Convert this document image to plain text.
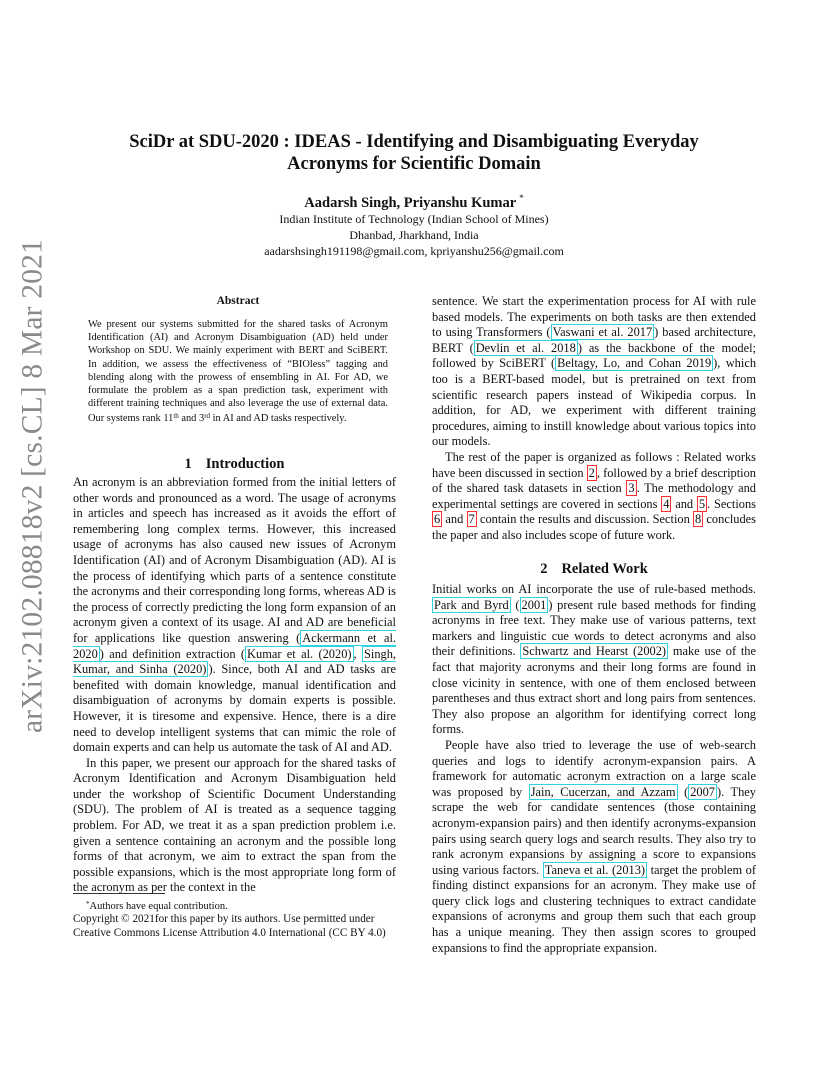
arXiv:2102.08818v2 [cs.CL] 8 Mar 2021
SciDr at SDU-2020 : IDEAS - Identifying and Disambiguating Everyday
Acronyms for Scientific Domain
Aadarsh Singh, Priyanshu Kumar *
Indian Institute of Technology (Indian School of Mines)
Dhanbad, Jharkhand, India
aadarshsingh191198@gmail.com, kpriyanshu256@gmail.com
Abstract
We present our systems submitted for the shared tasks of Acronym Identification (AI) and Acronym Disambiguation (AD) held under Workshop on SDU. We mainly experiment with BERT and SciBERT. In addition, we assess the effectiveness of “BIOless” tagging and blending along with the prowess of ensembling in AI. For AD, we formulate the problem as a span prediction task, experiment with different training techniques and also leverage the use of external data. Our systems rank 11th and 3rd in AI and AD tasks respectively.
1 Introduction

An acronym is an abbreviation formed from the initial letters of other words and pronounced as a word. The usage of acronyms in articles and speech has increased as it avoids the effort of remembering long complex terms. However, this increased usage of acronyms has also caused new issues of Acronym Identification (AI) and of Acronym Disambiguation (AD). AI is the process of identifying which parts of a sentence constitute the acronyms and their corresponding long forms, whereas AD is the process of correctly predicting the long form expansion of an acronym given a context of its usage. AI and AD are beneficial for applications like question answering ( Ackermann et al. 2020 ) and definition extraction ( Kumar et al. (2020) , Singh, Kumar, and Sinha (2020) ). Since, both AI and AD tasks are benefited with domain knowledge, manual identification and disambiguation of acronyms by domain experts is possible. However, it is tiresome and expensive. Hence, there is a dire need to develop intelligent systems that can mimic the role of domain experts and can help us automate the task of AI and AD.

In this paper, we present our approach for the shared tasks of Acronym Identification and Acronym Disambiguation held under the workshop of Scientific Document Understanding (SDU). The problem of AI is treated as a sequence tagging problem. For AD, we treat it as a span prediction problem i.e. given a sentence containing an acronym and the possible long forms of that acronym, we aim to extract the span from the possible expansions, which is the most appropriate long form of the acronym as per the context in the

sentence. We start the experimentation process for AI with rule based models. The experiments on both tasks are then extended to using Transformers ( Vaswani et al. 2017 ) based architecture, BERT ( Devlin et al. 2018 ) as the backbone of the model; followed by SciBERT ( Beltagy, Lo, and Cohan 2019 ), which too is a BERT-based model, but is pretrained on text from scientific research papers instead of Wikipedia corpus. In addition, for AD, we experiment with different training procedures, aiming to instill knowledge about various topics into our models.

The rest of the paper is organized as follows : Related works have been discussed in section 2 , followed by a brief description of the shared task datasets in section 3 . The methodology and experimental settings are covered in sections 4 and 5 . Sections 6 and 7 contain the results and discussion. Section 8 concludes the paper and also includes scope of future work.

2 Related Work

Initial works on AI incorporate the use of rule-based methods. Park and Byrd ( 2001 ) present rule based methods for finding acronyms in free text. They make use of various patterns, text markers and linguistic cue words to detect acronyms and also their definitions. Schwartz and Hearst (2002) make use of the fact that majority acronyms and their long forms are found in close vicinity in sentence, with one of them enclosed between parentheses and thus extract short and long pairs from sentences. They also propose an algorithm for identifying correct long forms.

People have also tried to leverage the use of web-search queries and logs to identify acronym-expansion pairs. A framework for automatic acronym extraction on a large scale was proposed by Jain, Cucerzan, and Azzam ( 2007 ). They scrape the web for candidate sentences (those containing acronym-expansion pairs) and then identify acronyms-expansion pairs using search query logs and search results. They also try to rank acronym expansions by assigning a score to expansions using various factors. Taneva et al. (2013) target the problem of finding distinct expansions for an acronym. They make use of query click logs and clustering techniques to extract candidate expansions of acronyms and group them such that each group has a unique meaning. They then assign scores to grouped expansions to find the appropriate expansion.

*Authors have equal contribution.
Copyright © 2021for this paper by its authors. Use permitted under Creative Commons License Attribution 4.0 International (CC BY 4.0)
